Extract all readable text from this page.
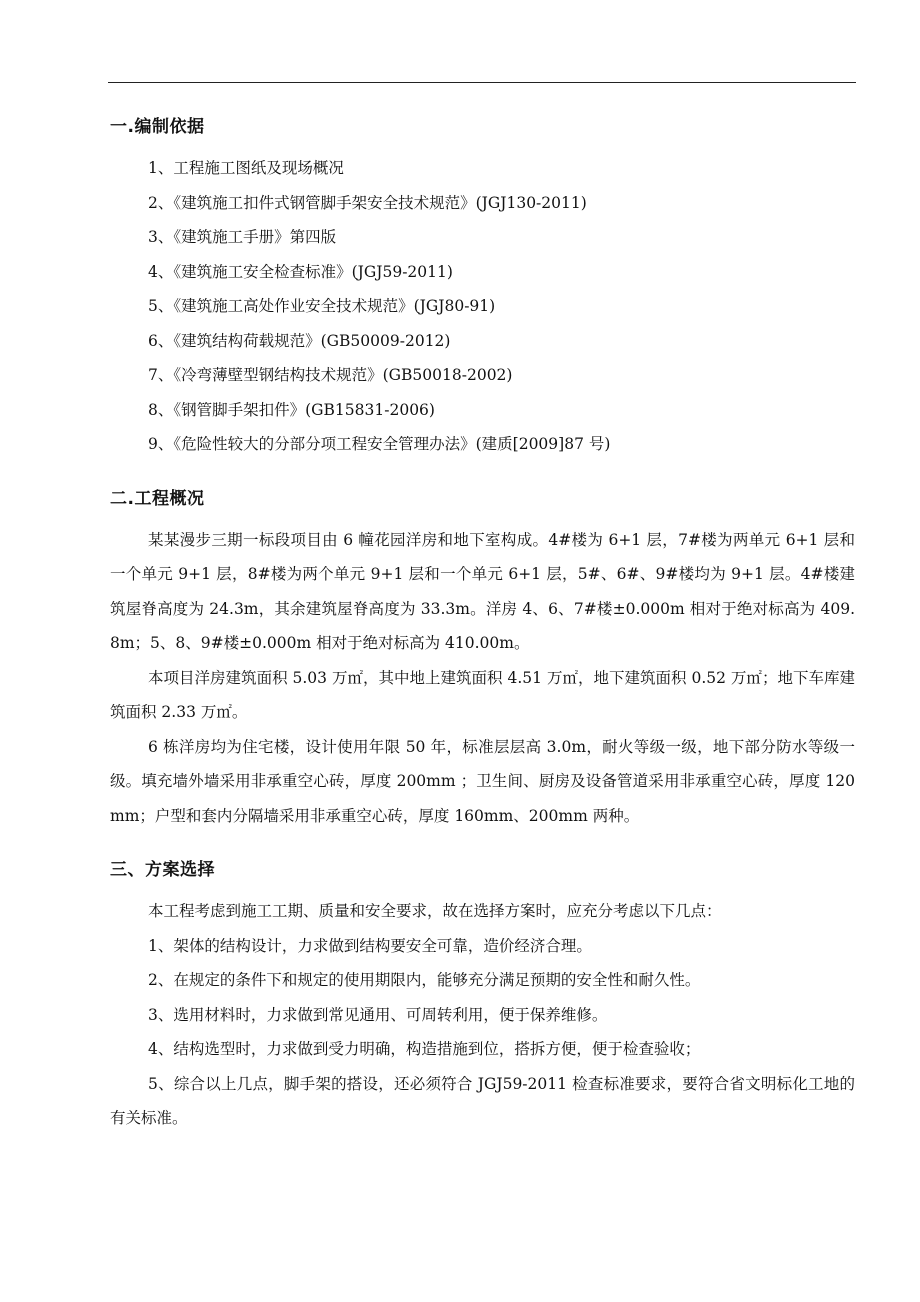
一.编制依据

1、工程施工图纸及现场概况

2、《建筑施工扣件式钢管脚手架安全技术规范》(JGJ130-2011)

3、《建筑施工手册》第四版

4、《建筑施工安全检查标准》(JGJ59-2011)

5、《建筑施工高处作业安全技术规范》(JGJ80-91)

6、《建筑结构荷载规范》(GB50009-2012)

7、《冷弯薄壁型钢结构技术规范》(GB50018-2002)

8、《钢管脚手架扣件》(GB15831-2006)

9、《危险性较大的分部分项工程安全管理办法》(建质[2009]87 号)

二.工程概况

某某漫步三期一标段项目由 6 幢花园洋房和地下室构成。4#楼为 6+1 层，7#楼为两单元 6+1 层和一个单元 9+1 层，8#楼为两个单元 9+1 层和一个单元 6+1 层，5#、6#、9#楼均为 9+1 层。4#楼建筑屋脊高度为 24.3m，其余建筑屋脊高度为 33.3m。洋房 4、6、7#楼±0.000m 相对于绝对标高为 409.8m；5、8、9#楼±0.000m 相对于绝对标高为 410.00m。

本项目洋房建筑面积 5.03 万㎡，其中地上建筑面积 4.51 万㎡，地下建筑面积 0.52 万㎡；地下车库建筑面积 2.33 万㎡。

6 栋洋房均为住宅楼，设计使用年限 50 年，标准层层高 3.0m，耐火等级一级，地下部分防水等级一级。填充墙外墙采用非承重空心砖，厚度 200mm ；卫生间、厨房及设备管道采用非承重空心砖，厚度 120mm；户型和套内分隔墙采用非承重空心砖，厚度 160mm、200mm 两种。

三、方案选择

本工程考虑到施工工期、质量和安全要求，故在选择方案时，应充分考虑以下几点：

1、架体的结构设计，力求做到结构要安全可靠，造价经济合理。

2、在规定的条件下和规定的使用期限内，能够充分满足预期的安全性和耐久性。

3、选用材料时，力求做到常见通用、可周转利用，便于保养维修。

4、结构选型时，力求做到受力明确，构造措施到位，搭拆方便，便于检查验收；

5、综合以上几点，脚手架的搭设，还必须符合 JGJ59-2011 检查标准要求，要符合省文明标化工地的有关标准。
